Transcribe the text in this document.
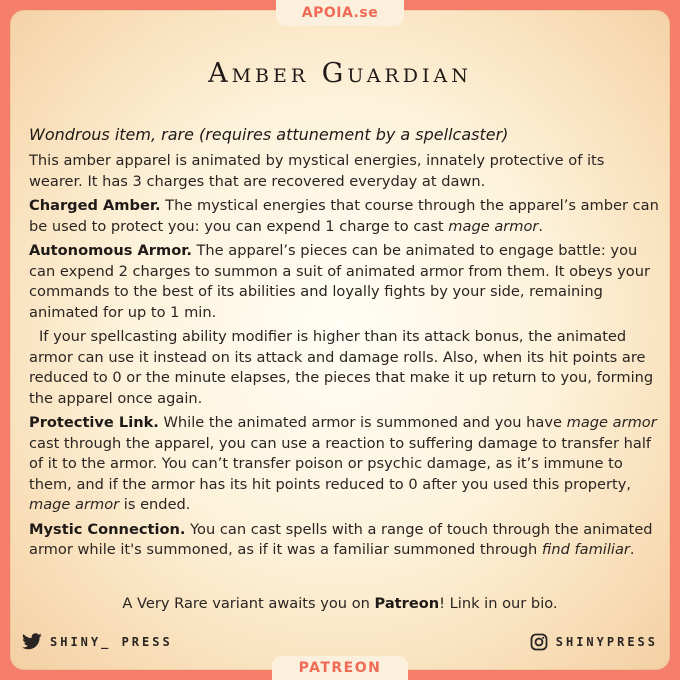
APOIA.se
Amber Guardian

Wondrous item, rare (requires attunement by a spellcaster)

This amber apparel is animated by mystical energies, innately protective of its wearer. It has 3 charges that are recovered everyday at dawn.

Charged Amber. The mystical energies that course through the apparel’s amber can be used to protect you: you can expend 1 charge to cast mage armor.

Autonomous Armor. The apparel’s pieces can be animated to engage battle: you can expend 2 charges to summon a suit of animated armor from them. It obeys your commands to the best of its abilities and loyally fights by your side, remaining animated for up to 1 min.

If your spellcasting ability modifier is higher than its attack bonus, the animated armor can use it instead on its attack and damage rolls. Also, when its hit points are reduced to 0 or the minute elapses, the pieces that make it up return to you, forming the apparel once again.

Protective Link. While the animated armor is summoned and you have mage armor cast through the apparel, you can use a reaction to suffering damage to transfer half of it to the armor. You can’t transfer poison or psychic damage, as it’s immune to them, and if the armor has its hit points reduced to 0 after you used this property, mage armor is ended.

Mystic Connection. You can cast spells with a range of touch through the animated armor while it's summoned, as if it was a familiar summoned through find familiar.

A Very Rare variant awaits you on Patreon! Link in our bio.
SHINY_ PRESS	SHINYPRESS
PATREON
